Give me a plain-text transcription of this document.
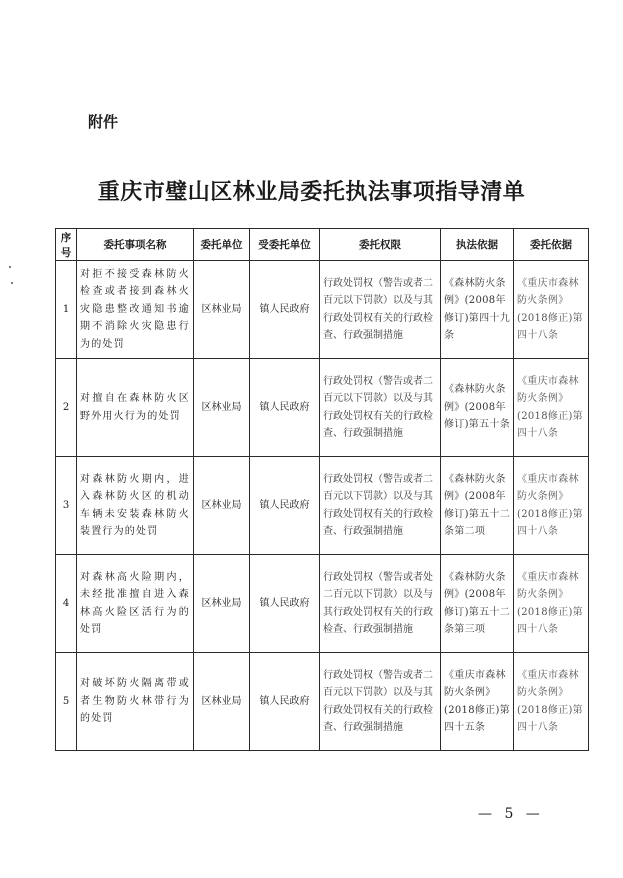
附件
重庆市璧山区林业局委托执法事项指导清单
序号	委托事项名称	委托单位	受委托单位	委托权限	执法依据	委托依据
1	对拒不接受森林防火检查或者接到森林火灾隐患整改通知书逾期不消除火灾隐患行为的处罚	区林业局	镇人民政府	行政处罚权（警告或者二百元以下罚款）以及与其行政处罚权有关的行政检查、行政强制措施	《森林防火条例》(2008年修订)第四十九条	《重庆市森林防火条例》(2018修正)第四十八条
2	对擅自在森林防火区野外用火行为的处罚	区林业局	镇人民政府	行政处罚权（警告或者二百元以下罚款）以及与其行政处罚权有关的行政检查、行政强制措施	《森林防火条例》(2008年修订)第五十条	《重庆市森林防火条例》(2018修正)第四十八条
3	对森林防火期内，进入森林防火区的机动车辆未安装森林防火装置行为的处罚	区林业局	镇人民政府	行政处罚权（警告或者二百元以下罚款）以及与其行政处罚权有关的行政检查、行政强制措施	《森林防火条例》(2008年修订)第五十二条第二项	《重庆市森林防火条例》(2018修正)第四十八条
4	对森林高火险期内，未经批准擅自进入森林高火险区活行为的处罚	区林业局	镇人民政府	行政处罚权（警告或者处二百元以下罚款）以及与其行政处罚权有关的行政检查、行政强制措施	《森林防火条例》(2008年修订)第五十二条第三项	《重庆市森林防火条例》(2018修正)第四十八条
5	对破坏防火隔离带或者生物防火林带行为的处罚	区林业局	镇人民政府	行政处罚权（警告或者二百元以下罚款）以及与其行政处罚权有关的行政检查、行政强制措施	《重庆市森林防火条例》(2018修正)第四十五条	《重庆市森林防火条例》(2018修正)第四十八条
— 5 —
